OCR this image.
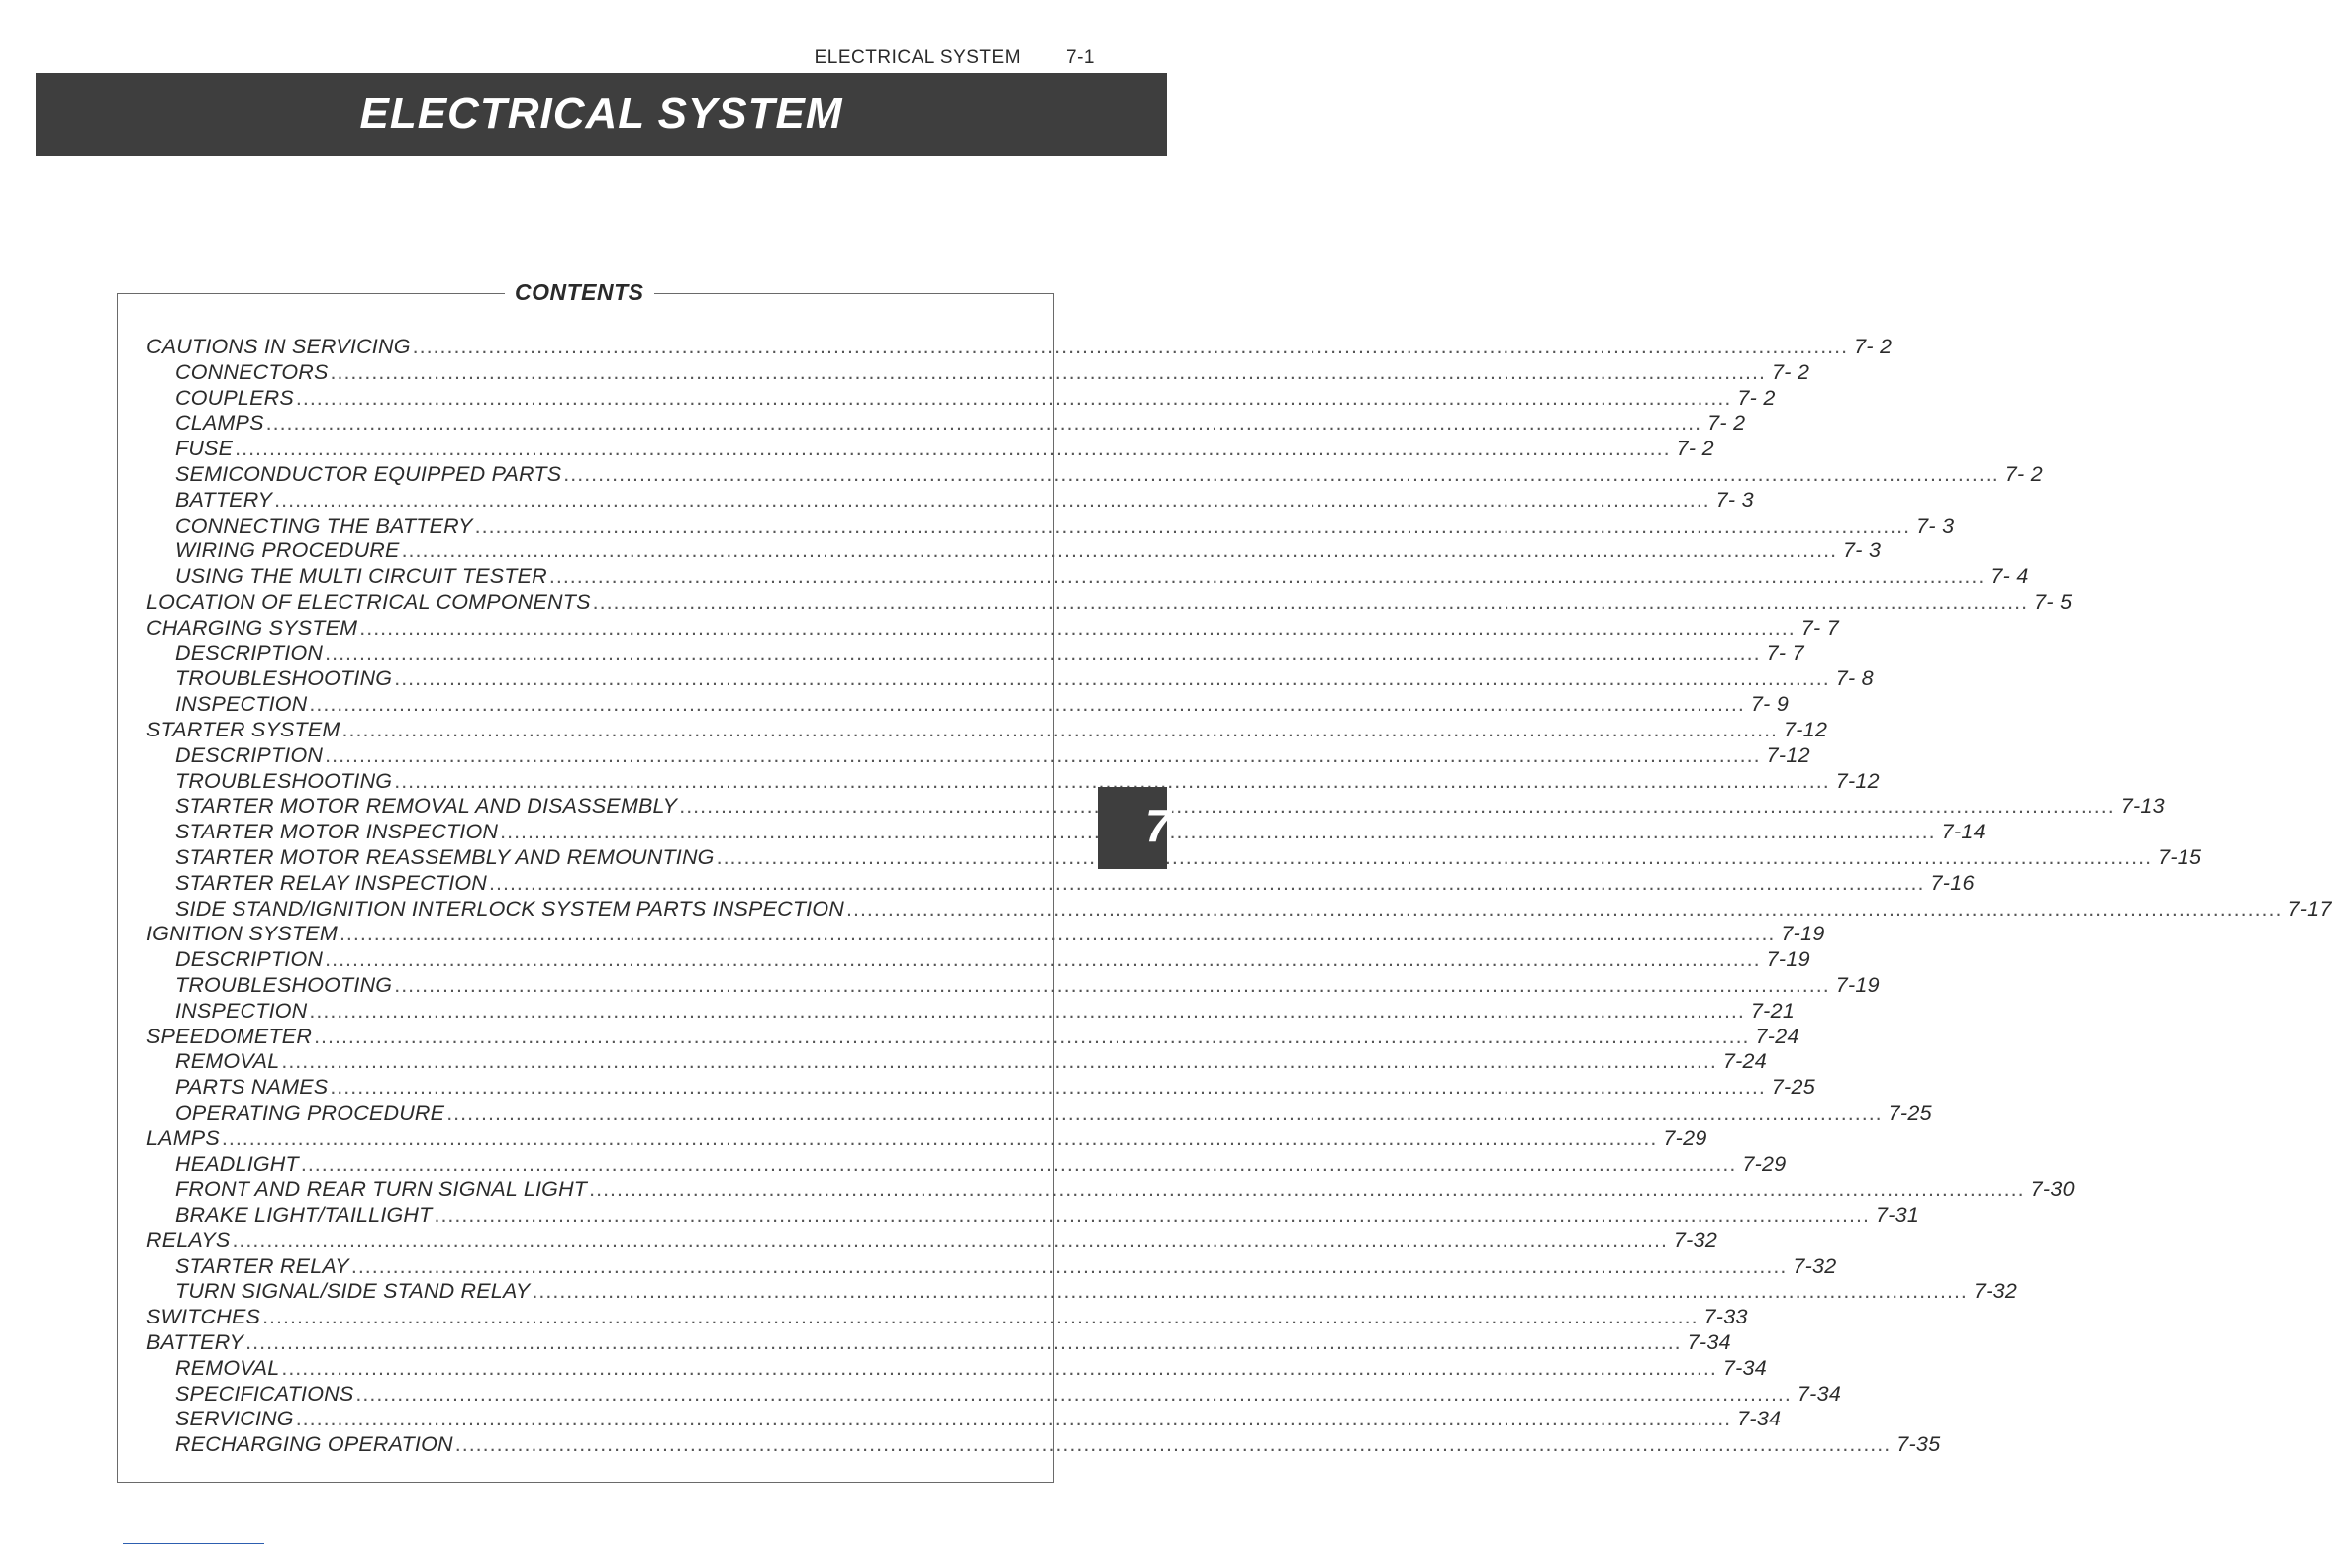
ELECTRICAL SYSTEM 7-1
ELECTRICAL SYSTEM
CONTENTS
CAUTIONS IN SERVICING .....	7- 2
CONNECTORS .....	7- 2
COUPLERS .....	7- 2
CLAMPS .....	7- 2
FUSE .....	7- 2
SEMICONDUCTOR EQUIPPED PARTS .....	7- 2
BATTERY .....	7- 3
CONNECTING THE BATTERY .....	7- 3
WIRING PROCEDURE .....	7- 3
USING THE MULTI CIRCUIT TESTER .....	7- 4
LOCATION OF ELECTRICAL COMPONENTS .....	7- 5
CHARGING SYSTEM .....	7- 7
DESCRIPTION .....	7- 7
TROUBLESHOOTING .....	7- 8
INSPECTION .....	7- 9
STARTER SYSTEM .....	7-12
DESCRIPTION .....	7-12
TROUBLESHOOTING .....	7-12
STARTER MOTOR REMOVAL AND DISASSEMBLY .....	7-13
STARTER MOTOR INSPECTION .....	7-14
STARTER MOTOR REASSEMBLY AND REMOUNTING .....	7-15
STARTER RELAY INSPECTION .....	7-16
SIDE STAND/IGNITION INTERLOCK SYSTEM PARTS INSPECTION .....	7-17
IGNITION SYSTEM .....	7-19
DESCRIPTION .....	7-19
TROUBLESHOOTING .....	7-19
INSPECTION .....	7-21
SPEEDOMETER .....	7-24
REMOVAL .....	7-24
PARTS NAMES .....	7-25
OPERATING PROCEDURE .....	7-25
LAMPS .....	7-29
HEADLIGHT .....	7-29
FRONT AND REAR TURN SIGNAL LIGHT .....	7-30
BRAKE LIGHT/TAILLIGHT .....	7-31
RELAYS .....	7-32
STARTER RELAY .....	7-32
TURN SIGNAL/SIDE STAND RELAY .....	7-32
SWITCHES .....	7-33
BATTERY .....	7-34
REMOVAL .....	7-34
SPECIFICATIONS .....	7-34
SERVICING .....	7-34
RECHARGING OPERATION .....	7-35
7
